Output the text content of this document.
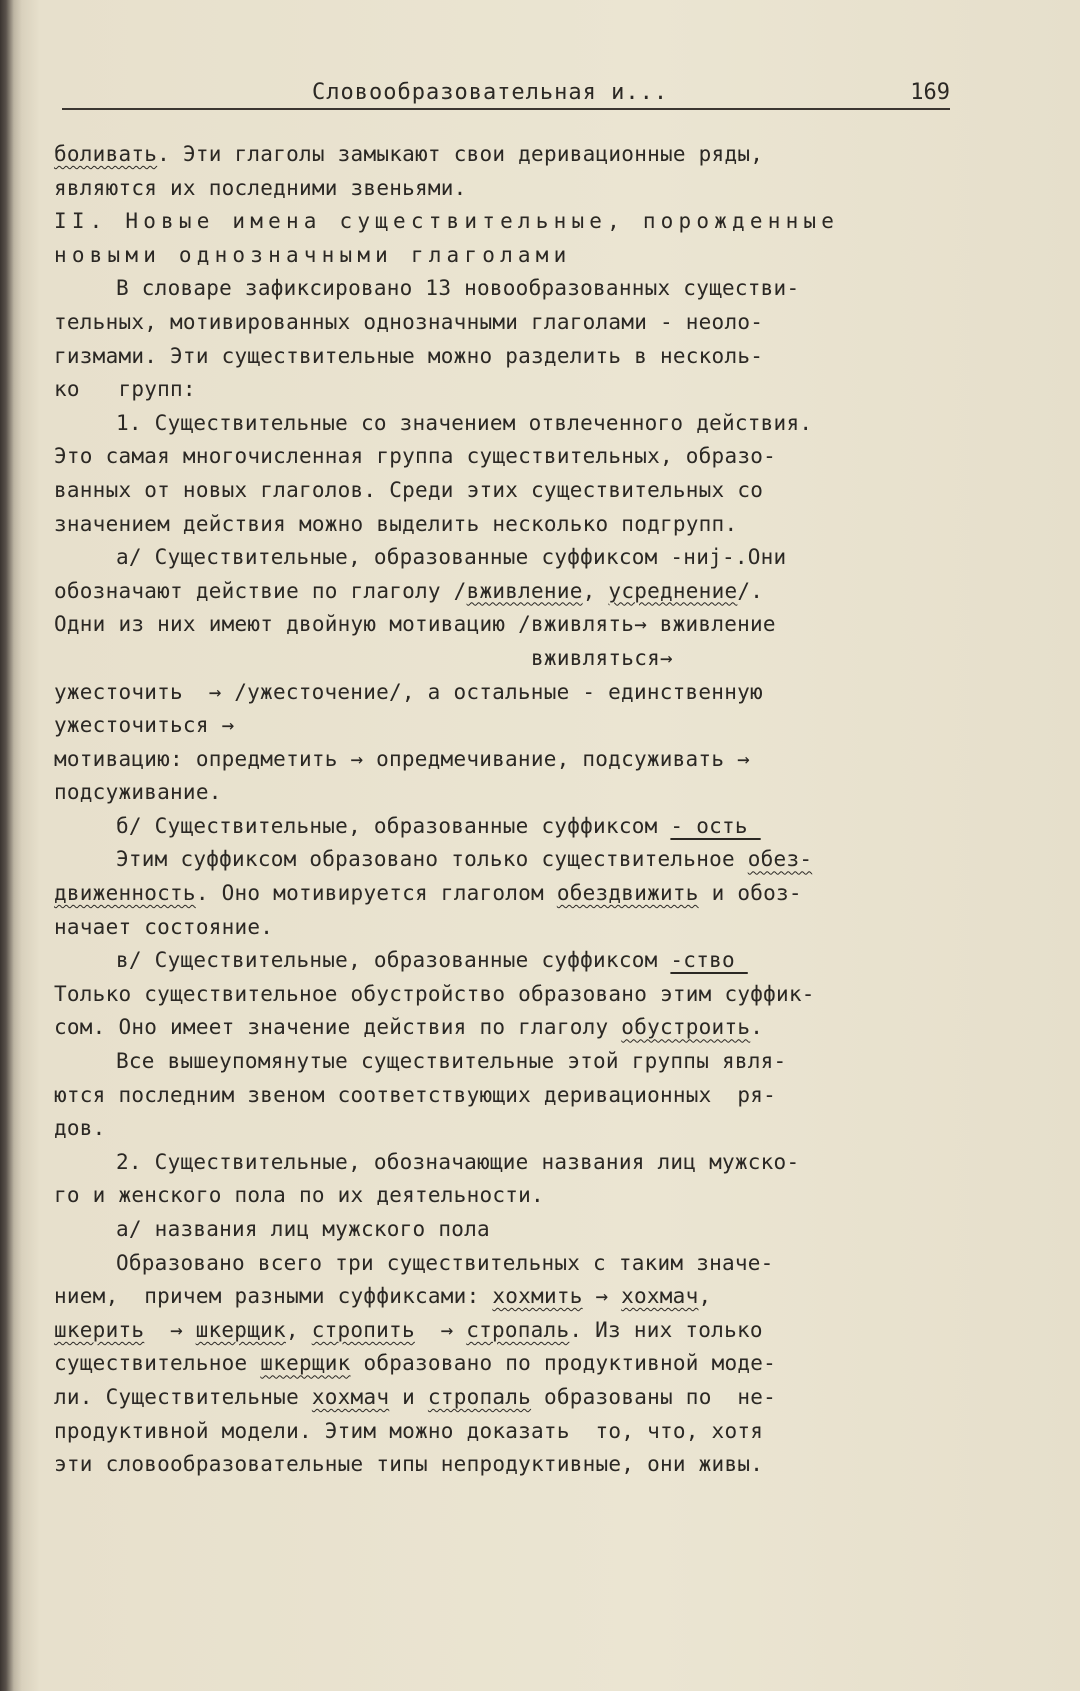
Словообразовательная и...	169
боливать. Эти глаголы замыкают свои деривационные ряды,
являются их последними звеньями.
II. Новые имена существительные, порожденные
новыми однозначными глаголами
В словаре зафиксировано 13 новообразованных существи-
тельных, мотивированных однозначными глаголами - неоло-
гизмами. Эти существительные можно разделить в несколь-
ко   групп:
1. Существительные со значением отвлеченного действия.
Это самая многочисленная группа существительных, образо-
ванных от новых глаголов. Среди этих существительных со
значением действия можно выделить несколько подгрупп.
а/ Существительные, образованные суффиксом -ниj-.Они
обозначают действие по глаголу /вживление, усреднение/.
Одни из них имеют двойную мотивацию /вживлять→ вживление
вживляться→
ужесточить  → /ужесточение/, а остальные - единственную
ужесточиться →
мотивацию: опредметить → опредмечивание, подсуживать →
подсуживание.
б/ Существительные, образованные суффиксом - ость
Этим суффиксом образовано только существительное обез-
движенность. Оно мотивируется глаголом обездвижить и обоз-
начает состояние.
в/ Существительные, образованные суффиксом -ство
Только существительное обустройство образовано этим суффик-
сом. Оно имеет значение действия по глаголу обустроить.
Все вышеупомянутые существительные этой группы явля-
ются последним звеном соответствующих деривационных  ря-
дов.
2. Существительные, обозначающие названия лиц мужско-
го и женского пола по их деятельности.
а/ названия лиц мужского пола
Образовано всего три существительных с таким значе-
нием,  причем разными суффиксами: хохмить → хохмач,
шкерить → шкерщик, стропить → стропаль. Из них только
существительное шкерщик образовано по продуктивной моде-
ли. Существительные хохмач и стропаль образованы по  не-
продуктивной модели. Этим можно доказать  то, что, хотя
эти словообразовательные типы непродуктивные, они живы.
